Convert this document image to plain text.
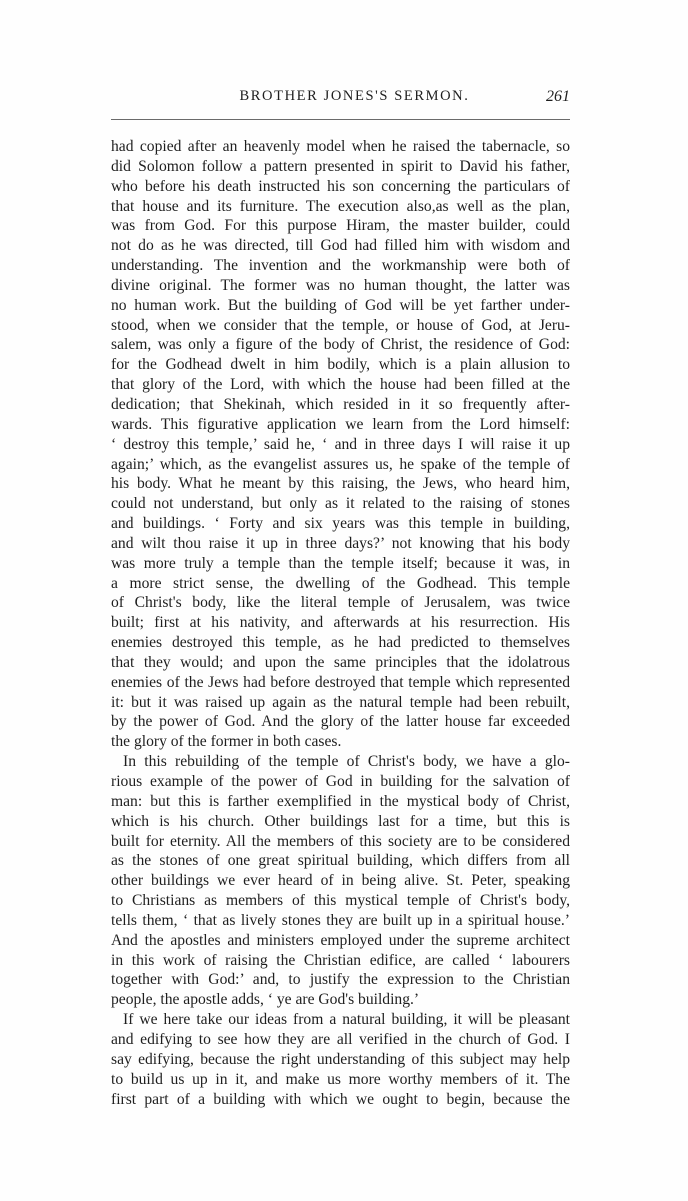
BROTHER JONES'S SERMON.	261
had copied after an heavenly model when he raised the tabernacle, so
did Solomon follow a pattern presented in spirit to David his father,
who before his death instructed his son concerning the particulars of
that house and its furniture. The execution also,as well as the plan,
was from God. For this purpose Hiram, the master builder, could
not do as he was directed, till God had filled him with wisdom and
understanding. The invention and the workmanship were both of
divine original. The former was no human thought, the latter was
no human work. But the building of God will be yet farther under-
stood, when we consider that the temple, or house of God, at Jeru-
salem, was only a figure of the body of Christ, the residence of God:
for the Godhead dwelt in him bodily, which is a plain allusion to
that glory of the Lord, with which the house had been filled at the
dedication; that Shekinah, which resided in it so frequently after-
wards. This figurative application we learn from the Lord himself:
‘ destroy this temple,’ said he, ‘ and in three days I will raise it up
again;’ which, as the evangelist assures us, he spake of the temple of
his body. What he meant by this raising, the Jews, who heard him,
could not understand, but only as it related to the raising of stones
and buildings. ‘ Forty and six years was this temple in building,
and wilt thou raise it up in three days?’ not knowing that his body
was more truly a temple than the temple itself; because it was, in
a more strict sense, the dwelling of the Godhead. This temple
of Christ's body, like the literal temple of Jerusalem, was twice
built; first at his nativity, and afterwards at his resurrection. His
enemies destroyed this temple, as he had predicted to themselves
that they would; and upon the same principles that the idolatrous
enemies of the Jews had before destroyed that temple which represented
it: but it was raised up again as the natural temple had been rebuilt,
by the power of God. And the glory of the latter house far exceeded
the glory of the former in both cases.
In this rebuilding of the temple of Christ's body, we have a glo-
rious example of the power of God in building for the salvation of
man: but this is farther exemplified in the mystical body of Christ,
which is his church. Other buildings last for a time, but this is
built for eternity. All the members of this society are to be considered
as the stones of one great spiritual building, which differs from all
other buildings we ever heard of in being alive. St. Peter, speaking
to Christians as members of this mystical temple of Christ's body,
tells them, ‘ that as lively stones they are built up in a spiritual house.’
And the apostles and ministers employed under the supreme architect
in this work of raising the Christian edifice, are called ‘ labourers
together with God:’ and, to justify the expression to the Christian
people, the apostle adds, ‘ ye are God's building.’
If we here take our ideas from a natural building, it will be pleasant
and edifying to see how they are all verified in the church of God. I
say edifying, because the right understanding of this subject may help
to build us up in it, and make us more worthy members of it. The
first part of a building with which we ought to begin, because the
